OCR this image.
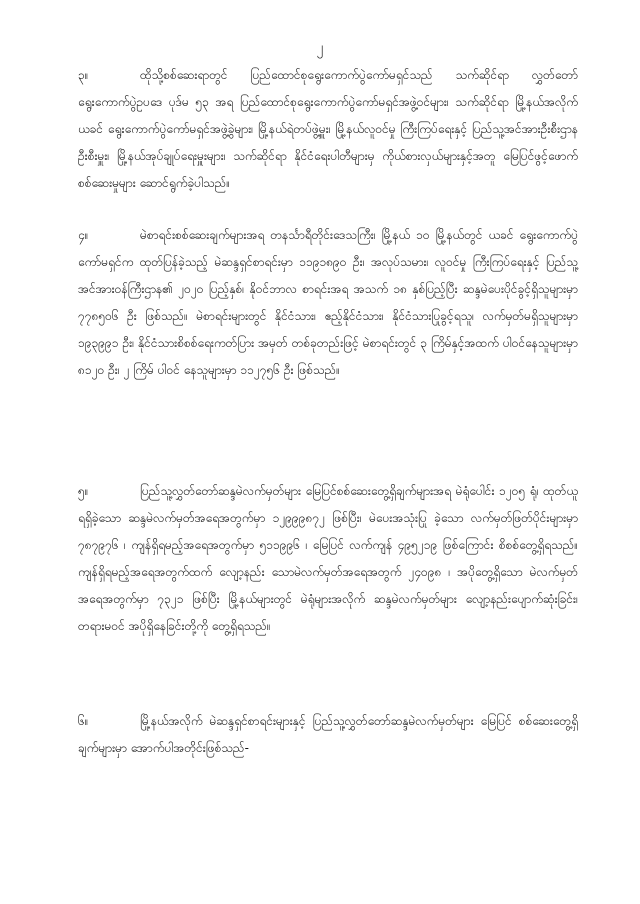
၂

၃။	ထိုသို့စစ်ဆေးရာတွင် ပြည်ထောင်စုရွေးကောက်ပွဲကော်မရှင်သည် သက်ဆိုင်ရာ လွှတ်တော် ရွေးကောက်ပွဲဥပဒေ ပုဒ်မ ၅၃ အရ ပြည်ထောင်စုရွေးကောက်ပွဲကော်မရှင်အဖွဲ့ဝင်များ၊ သက်ဆိုင်ရာ မြို့နယ်အလိုက် ယခင် ရွေးကောက်ပွဲကော်မရှင်အဖွဲ့ခွဲများ၊ မြို့နယ်ရဲတပ်ဖွဲ့မှူး၊ မြို့နယ်လူဝင်မှု ကြီးကြပ်ရေးနှင့် ပြည်သူ့အင်အားဦးစီးဌာနဦးစီးမှူး၊ မြို့နယ်အုပ်ချုပ်ရေးမှူးများ၊ သက်ဆိုင်ရာ နိုင်ငံရေးပါတီများမှ ကိုယ်စားလှယ်များနှင့်အတူ မြေပြင်ဖွင့်ဖောက်စစ်ဆေးမှုများ ဆောင်ရွက်ခဲ့ပါသည်။

၄။	မဲစာရင်းစစ်ဆေးချက်များအရ တနင်္သာရီတိုင်းဒေသကြီး၊ မြို့နယ် ၁၀ မြို့နယ်တွင် ယခင် ရွေးကောက်ပွဲကော်မရှင်က ထုတ်ပြန်ခဲ့သည့် မဲဆန္ဒရှင်စာရင်းမှာ ၁၁၉၁၈၉၀ ဦး၊ အလုပ်သမား၊ လူဝင်မှု ကြီးကြပ်ရေးနှင့် ပြည်သူ့အင်အားဝန်ကြီးဌာန၏ ၂၀၂၀ ပြည့်နှစ်၊ နိုဝင်ဘာလ စာရင်းအရ အသက် ၁၈ နှစ်ပြည့်ပြီး ဆန္ဒမဲပေးပိုင်ခွင့်ရှိသူများမှာ ၇၇၈၅၀၆ ဦး ဖြစ်သည်။ မဲစာရင်းများတွင် နိုင်ငံသား၊ ဧည့်နိုင်ငံသား၊ နိုင်ငံသားပြုခွင့်ရသူ၊ လက်မှတ်မရှိသူများမှာ ၁၉၃၉၉၁ ဦး၊ နိုင်ငံသားစိစစ်ရေးကတ်ပြား အမှတ် တစ်ခုတည်းဖြင့် မဲစာရင်းတွင် ၃ ကြိမ်နှင့်အထက် ပါဝင်နေသူများမှာ ၈၁၂၀ ဦး၊ ၂ ကြိမ် ပါဝင် နေသူများမှာ ၁၁၂၇၅၆ ဦး ဖြစ်သည်။

၅။	ပြည်သူ့လွှတ်တော်ဆန္ဒမဲလက်မှတ်များ မြေပြင်စစ်ဆေးတွေ့ရှိချက်များအရ မဲရုံပေါင်း ၁၂၀၅ ရုံ၊ ထုတ်ယူရရှိခဲ့သော ဆန္ဒမဲလက်မှတ်အရေအတွက်မှာ ၁၂၉၉၉၈၇၂ ဖြစ်ပြီး၊ မဲပေးအသုံးပြု ခဲ့သော လက်မှတ်ဖြတ်ပိုင်းများမှာ ၇၈၇၉၇၆ ၊ ကျန်ရှိရမည့်အရေအတွက်မှာ ၅၁၁၉၉၆ ၊ မြေပြင် လက်ကျန် ၄၉၅၂၁၉ ဖြစ်ကြောင်း စိစစ်တွေ့ရှိရသည်။ ကျန်ရှိရမည့်အရေအတွက်ထက် လျော့နည်း သောမဲလက်မှတ်အရေအတွက် ၂၄၀၉၈ ၊ အပိုတွေ့ရှိသော မဲလက်မှတ်အရေအတွက်မှာ ၇၃၂၁ ဖြစ်ပြီး မြို့နယ်များတွင် မဲရုံများအလိုက် ဆန္ဒမဲလက်မှတ်များ လျော့နည်းပျောက်ဆုံးခြင်း၊ တရားမဝင် အပိုရှိနေခြင်းတို့ကို တွေ့ရှိရသည်။

၆။	မြို့နယ်အလိုက် မဲဆန္ဒရှင်စာရင်းများနှင့် ပြည်သူ့လွှတ်တော်ဆန္ဒမဲလက်မှတ်များ မြေပြင် စစ်ဆေးတွေ့ရှိချက်များမှာ အောက်ပါအတိုင်းဖြစ်သည်-
